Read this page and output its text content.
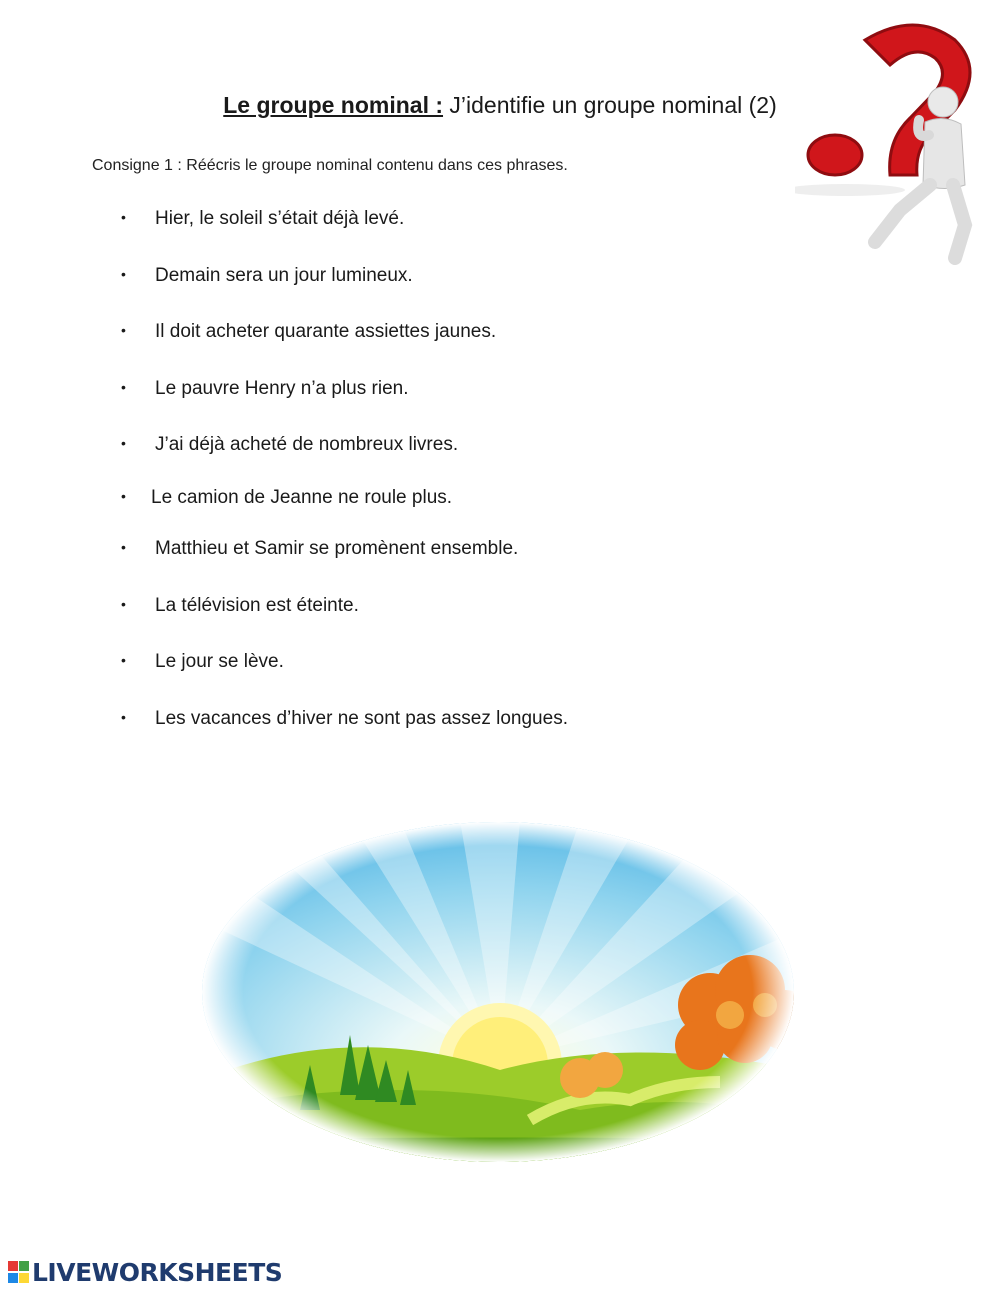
Le groupe nominal : J’identifie un groupe nominal (2)
Consigne 1 : Réécris le groupe nominal contenu dans ces phrases.
• Hier, le soleil s’était déjà levé.
• Demain sera un jour lumineux.
• Il doit acheter quarante assiettes jaunes.
• Le pauvre Henry n’a plus rien.
• J’ai déjà acheté de nombreux livres.
• Le camion de Jeanne ne roule plus.
• Matthieu et Samir se promènent ensemble.
• La télévision est éteinte.
• Le jour se lève.
• Les vacances d’hiver ne sont pas assez longues.
LIVEWORKSHEETS
